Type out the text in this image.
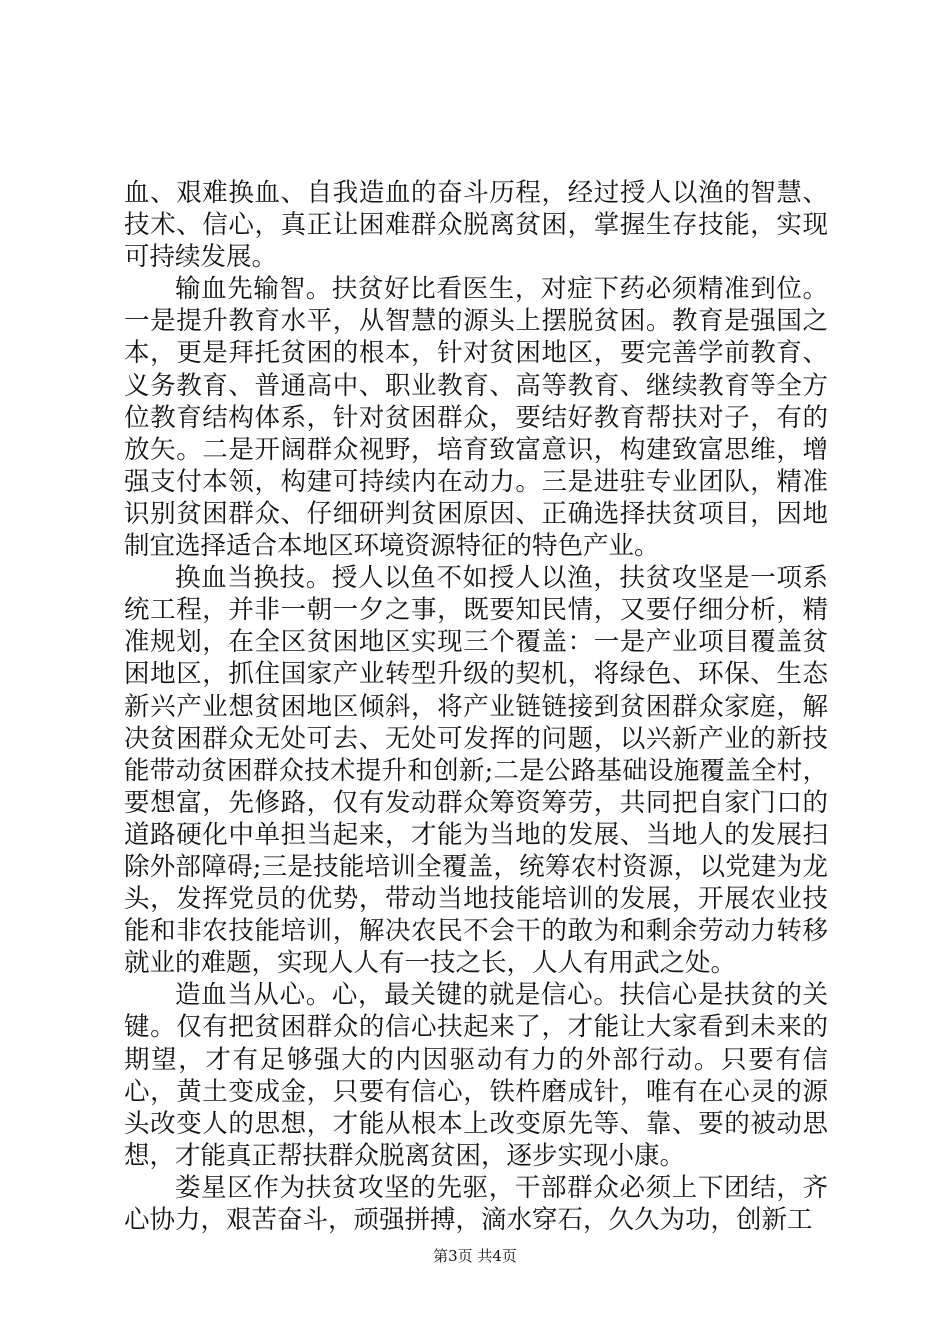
血、艰难换血、自我造血的奋斗历程，经过授人以渔的智慧、技术、信心，真正让困难群众脱离贫困，掌握生存技能，实现可持续发展。

输血先输智。扶贫好比看医生，对症下药必须精准到位。一是提升教育水平，从智慧的源头上摆脱贫困。教育是强国之本，更是拜托贫困的根本，针对贫困地区，要完善学前教育、义务教育、普通高中、职业教育、高等教育、继续教育等全方位教育结构体系，针对贫困群众，要结好教育帮扶对子，有的放矢。二是开阔群众视野，培育致富意识，构建致富思维，增强支付本领，构建可持续内在动力。三是进驻专业团队，精准识别贫困群众、仔细研判贫困原因、正确选择扶贫项目，因地制宜选择适合本地区环境资源特征的特色产业。

换血当换技。授人以鱼不如授人以渔，扶贫攻坚是一项系统工程，并非一朝一夕之事，既要知民情，又要仔细分析，精准规划，在全区贫困地区实现三个覆盖：一是产业项目覆盖贫困地区，抓住国家产业转型升级的契机，将绿色、环保、生态新兴产业想贫困地区倾斜，将产业链链接到贫困群众家庭，解决贫困群众无处可去、无处可发挥的问题，以兴新产业的新技能带动贫困群众技术提升和创新;二是公路基础设施覆盖全村，要想富，先修路，仅有发动群众筹资筹劳，共同把自家门口的道路硬化中单担当起来，才能为当地的发展、当地人的发展扫除外部障碍;三是技能培训全覆盖，统筹农村资源，以党建为龙头，发挥党员的优势，带动当地技能培训的发展，开展农业技能和非农技能培训，解决农民不会干的敢为和剩余劳动力转移就业的难题，实现人人有一技之长，人人有用武之处。

造血当从心。心，最关键的就是信心。扶信心是扶贫的关键。仅有把贫困群众的信心扶起来了，才能让大家看到未来的期望，才有足够强大的内因驱动有力的外部行动。只要有信心，黄土变成金，只要有信心，铁杵磨成针，唯有在心灵的源头改变人的思想，才能从根本上改变原先等、靠、要的被动思想，才能真正帮扶群众脱离贫困，逐步实现小康。

娄星区作为扶贫攻坚的先驱，干部群众必须上下团结，齐心协力，艰苦奋斗，顽强拼搏，滴水穿石，久久为功，创新工

第3页 共4页
